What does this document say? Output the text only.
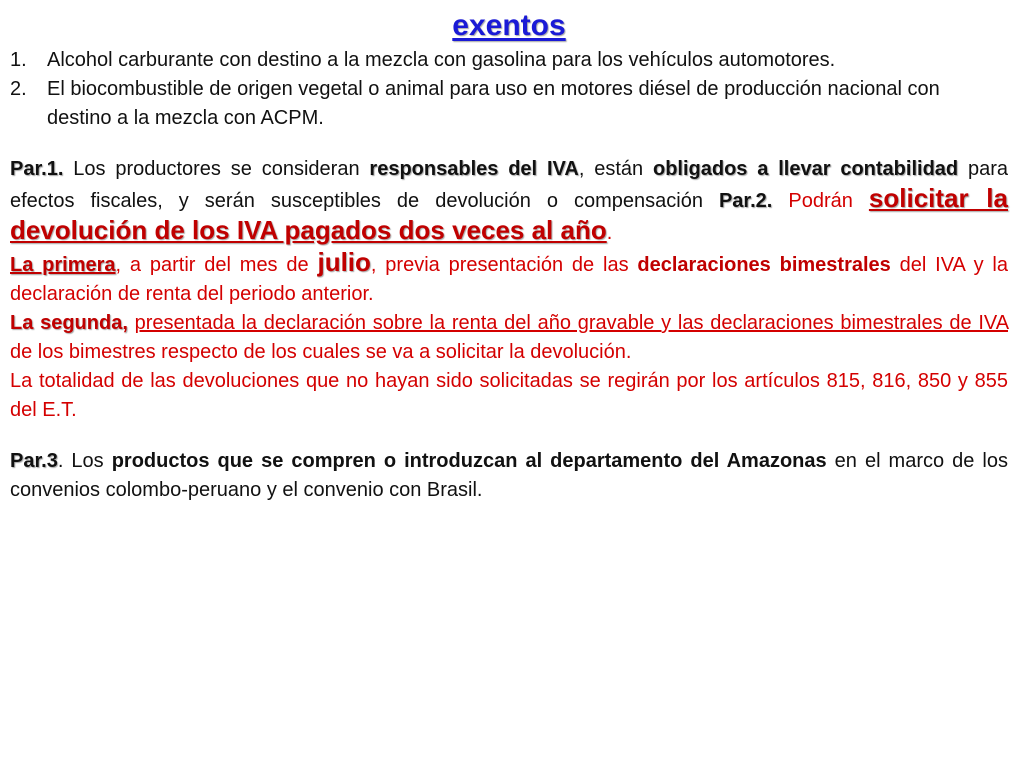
exentos
1.	Alcohol carburante con destino a la mezcla con gasolina para los vehículos automotores.
2.	El biocombustible de origen vegetal o animal para uso en motores diésel de producción nacional con destino a la mezcla con ACPM.

Par.1. Los productores se consideran responsables del IVA, están obligados a llevar contabilidad para efectos fiscales, y serán susceptibles de devolución o compensación Par.2. Podrán solicitar la devolución de los IVA pagados dos veces al año.

La primera, a partir del mes de julio, previa presentación de las declaraciones bimestrales del IVA y la declaración de renta del periodo anterior.

La segunda, presentada la declaración sobre la renta del año gravable y las declaraciones bimestrales de IVA de los bimestres respecto de los cuales se va a solicitar la devolución.

La totalidad de las devoluciones que no hayan sido solicitadas se regirán por los artículos 815, 816, 850 y 855 del E.T.

Par.3. Los productos que se compren o introduzcan al departamento del Amazonas en el marco de los convenios colombo-peruano y el convenio con Brasil.
